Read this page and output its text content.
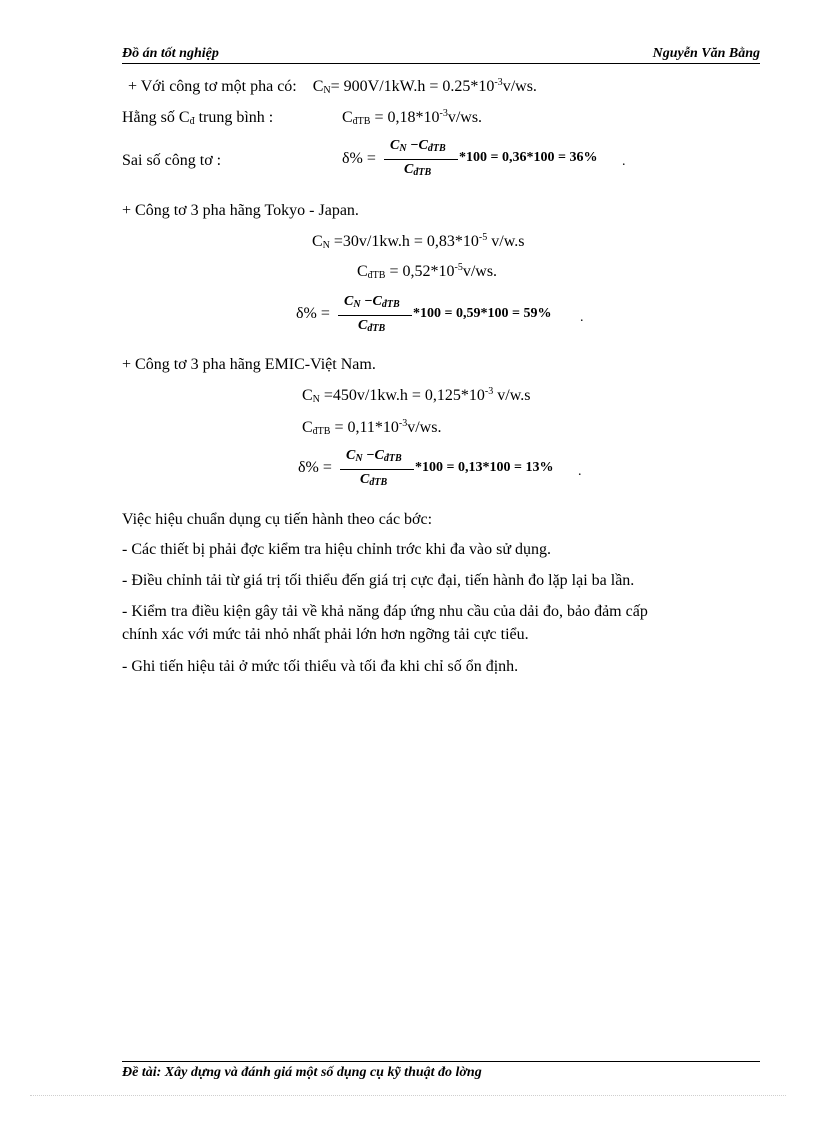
Đồ án tốt nghiệp	Nguyễn Văn Bằng
+ Với công tơ một pha có: $C_N= 900V/1kW.h = 0.25*10^{-3}v/ws$.
Hằng số $C_đ$ trung bình :	$C_{đTB} = 0,18*10^{-3}v/ws$.
Sai số công tơ :	δ% =
$C_N -C_{đTB}$
$C_{đTB}$
*100 = 0,36*100 = 36% .
+ Công tơ 3 pha hãng Tokyo - Japan.
$C_N =30v/1kw.h = 0,83*10^{-5}$ v/w.s
$C_{đTB} = 0,52*10^{-5}v/ws$.
δ% =
$C_N -C_{đTB}$
$C_{đTB}$
*100 = 0,59*100 = 59% .
+ Công tơ 3 pha hãng EMIC-Việt Nam.
$C_N =450v/1kw.h = 0,125*10^{-3}$ v/w.s
$C_{đTB} = 0,11*10^{-3}v/ws$.
δ% =
$C_N -C_{đTB}$
$C_{đTB}$
*100 = 0,13*100 = 13% .
Việc hiệu chuẩn dụng cụ tiến hành theo các bớc:
- Các thiết bị phải đợc kiểm tra hiệu chỉnh trớc khi đa vào sử dụng.
- Điều chỉnh tải từ giá trị tối thiểu đến giá trị cực đại, tiến hành đo lặp lại ba lần.
- Kiểm tra điều kiện gây tải về khả năng đáp ứng nhu cầu của dải đo, bảo đảm cấp
chính xác với mức tải nhỏ nhất phải lớn hơn ngỡng tải cực tiểu.
- Ghi tiến hiệu tải ở mức tối thiểu và tối đa khi chỉ số ổn định.
Đề tài: Xây dựng và đánh giá một số dụng cụ kỹ thuật đo lờng
